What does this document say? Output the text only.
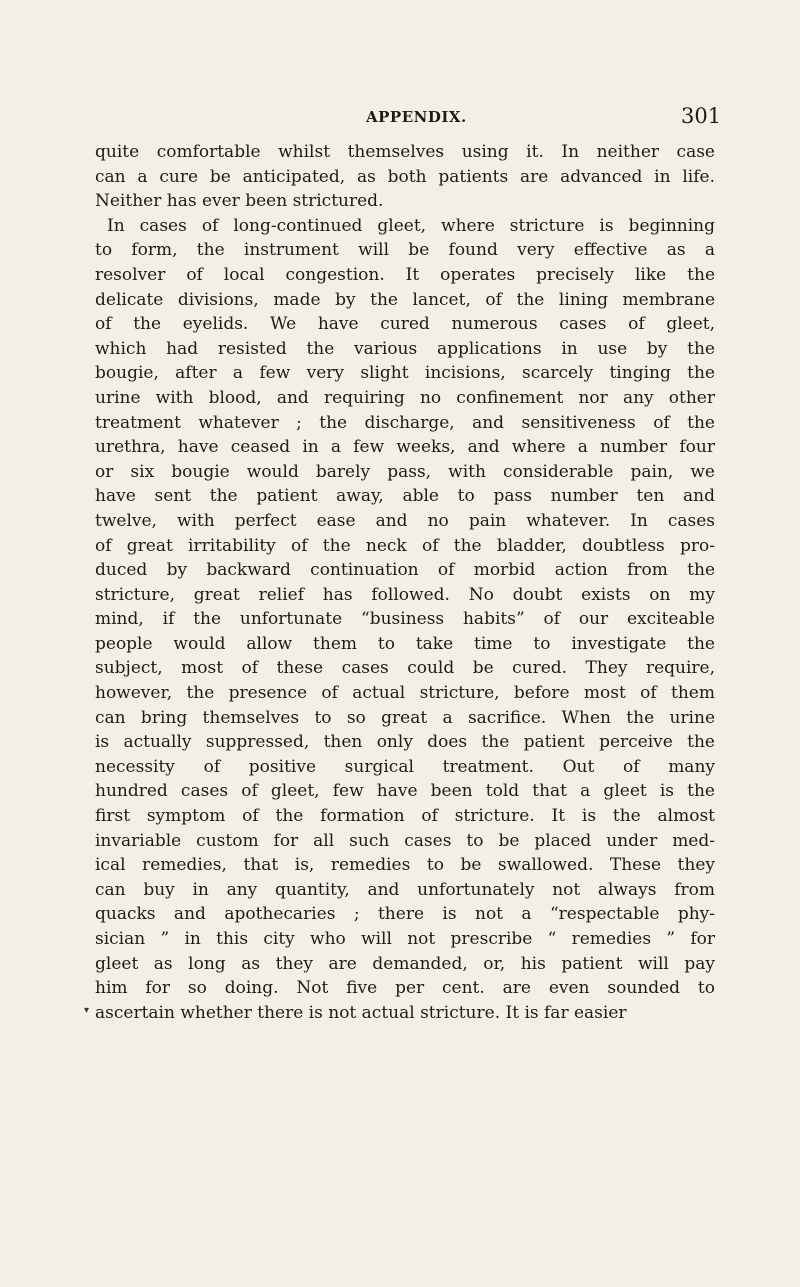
APPENDIX.	301
▾
quite comfortable whilst themselves using it. In neither case
can a cure be anticipated, as both patients are advanced in life.
Neither has ever been strictured.
In cases of long-continued gleet, where stricture is beginning
to form, the instrument will be found very effective as a
resolver of local congestion. It operates precisely like the
delicate divisions, made by the lancet, of the lining membrane
of the eyelids. We have cured numerous cases of gleet,
which had resisted the various applications in use by the
bougie, after a few very slight incisions, scarcely tinging the
urine with blood, and requiring no confinement nor any other
treatment whatever ; the discharge, and sensitiveness of the
urethra, have ceased in a few weeks, and where a number four
or six bougie would barely pass, with considerable pain, we
have sent the patient away, able to pass number ten and
twelve, with perfect ease and no pain whatever. In cases
of great irritability of the neck of the bladder, doubtless pro-
duced by backward continuation of morbid action from the
stricture, great relief has followed. No doubt exists on my
mind, if the unfortunate “business habits” of our exciteable
people would allow them to take time to investigate the
subject, most of these cases could be cured. They require,
however, the presence of actual stricture, before most of them
can bring themselves to so great a sacrifice. When the urine
is actually suppressed, then only does the patient perceive the
necessity of positive surgical treatment. Out of many
hundred cases of gleet, few have been told that a gleet is the
first symptom of the formation of stricture. It is the almost
invariable custom for all such cases to be placed under med-
ical remedies, that is, remedies to be swallowed. These they
can buy in any quantity, and unfortunately not always from
quacks and apothecaries ; there is not a “respectable phy-
sician ” in this city who will not prescribe “ remedies ” for
gleet as long as they are demanded, or, his patient will pay
him for so doing. Not five per cent. are even sounded to
ascertain whether there is not actual stricture. It is far easier
